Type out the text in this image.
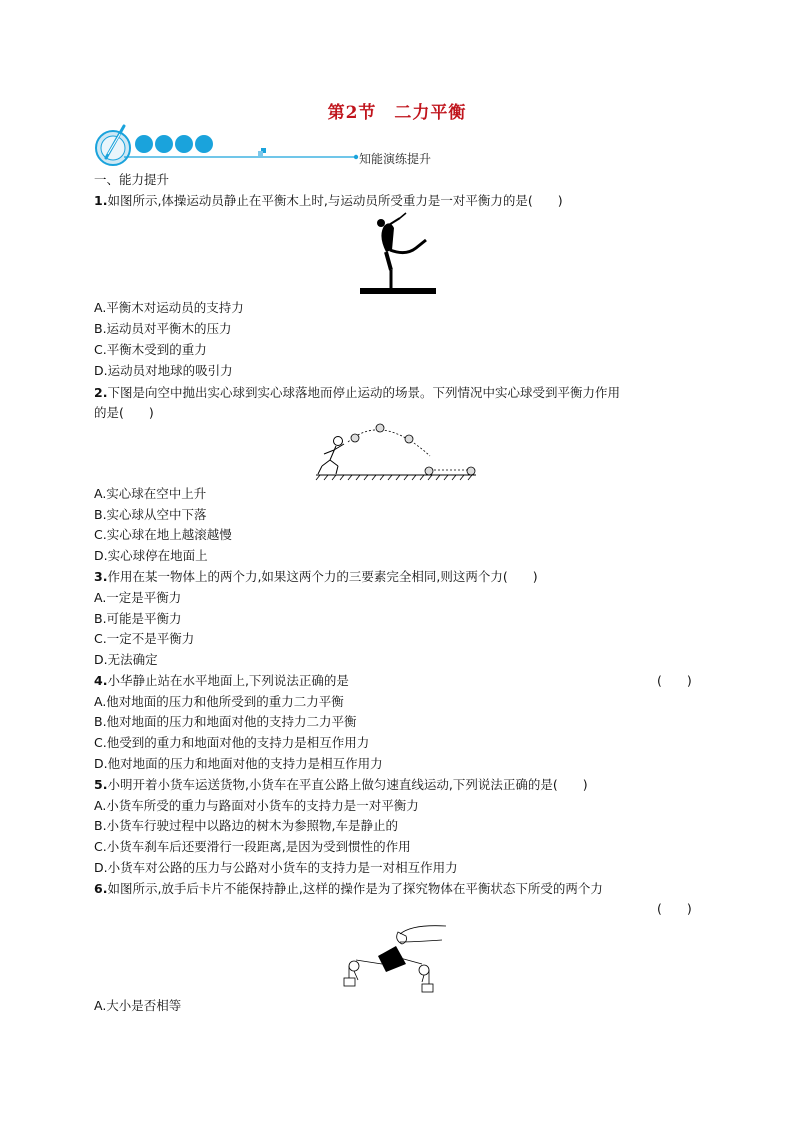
第2节 二力平衡
知能演练提升
一、能力提升
1.如图所示,体操运动员静止在平衡木上时,与运动员所受重力是一对平衡力的是(　　)
A.平衡木对运动员的支持力
B.运动员对平衡木的压力
C.平衡木受到的重力
D.运动员对地球的吸引力
2.下图是向空中抛出实心球到实心球落地而停止运动的场景。下列情况中实心球受到平衡力作用
的是(　　)
A.实心球在空中上升
B.实心球从空中下落
C.实心球在地上越滚越慢
D.实心球停在地面上
3.作用在某一物体上的两个力,如果这两个力的三要素完全相同,则这两个力(　　)
A.一定是平衡力
B.可能是平衡力
C.一定不是平衡力
D.无法确定
4.小华静止站在水平地面上,下列说法正确的是	(　　)
A.他对地面的压力和他所受到的重力二力平衡
B.他对地面的压力和地面对他的支持力二力平衡
C.他受到的重力和地面对他的支持力是相互作用力
D.他对地面的压力和地面对他的支持力是相互作用力
5.小明开着小货车运送货物,小货车在平直公路上做匀速直线运动,下列说法正确的是(　　)
A.小货车所受的重力与路面对小货车的支持力是一对平衡力
B.小货车行驶过程中以路边的树木为参照物,车是静止的
C.小货车刹车后还要滑行一段距离,是因为受到惯性的作用
D.小货车对公路的压力与公路对小货车的支持力是一对相互作用力
6.如图所示,放手后卡片不能保持静止,这样的操作是为了探究物体在平衡状态下所受的两个力
(　　)
A.大小是否相等
